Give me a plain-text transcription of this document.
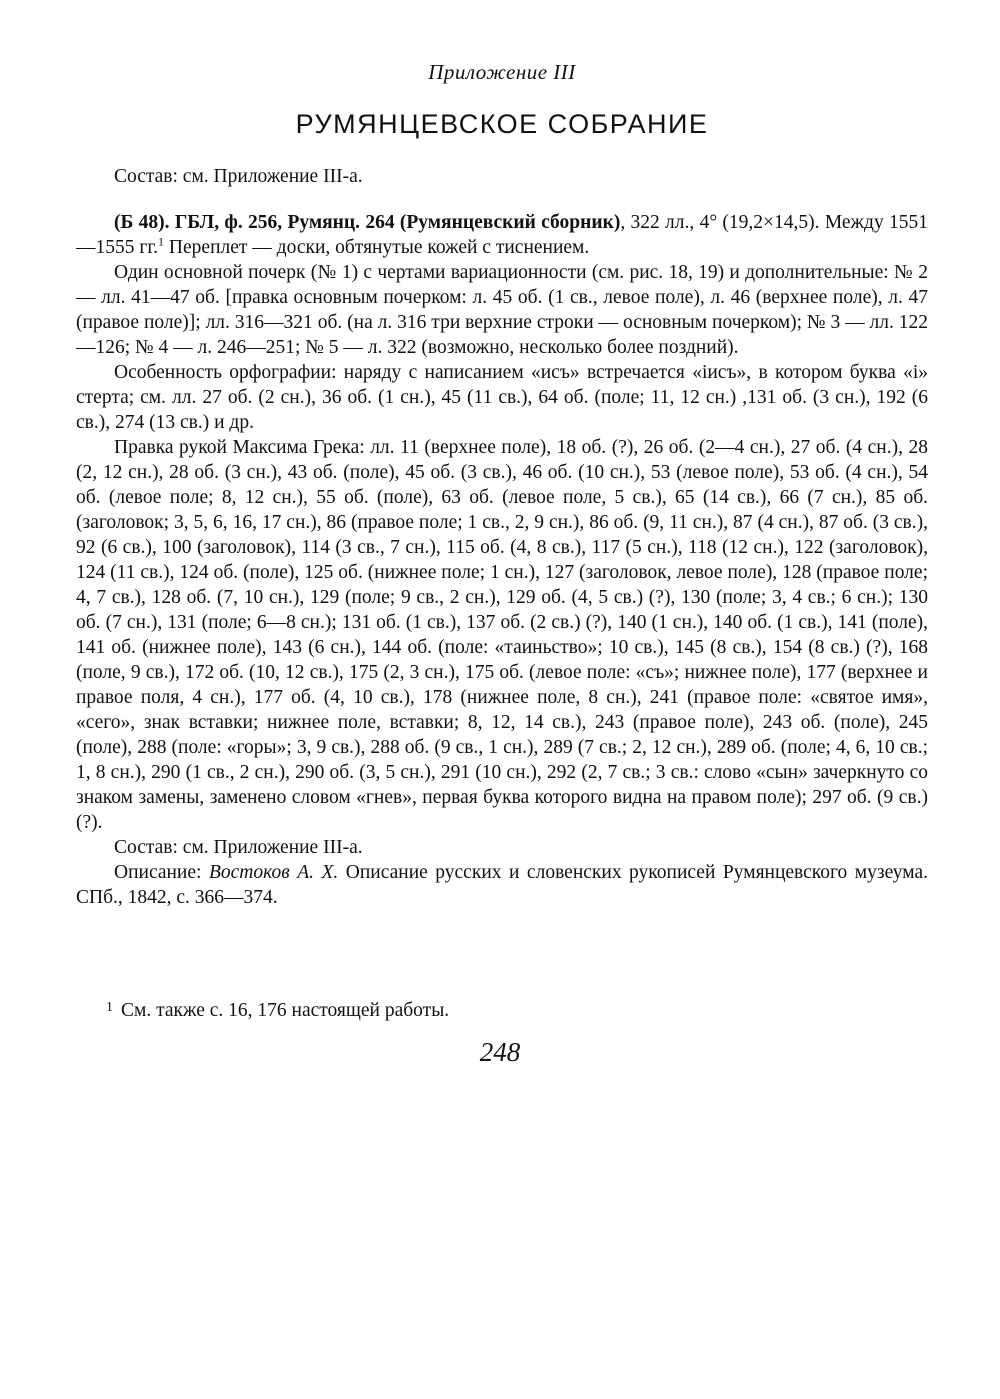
Приложение III
РУМЯНЦЕВСКОЕ СОБРАНИЕ
Состав: см. Приложение III-а.

(Б 48). ГБЛ, ф. 256, Румянц. 264 (Румянцевский сборник), 322 лл., 4° (19,2×14,5). Между 1551—1555 гг.$^1$ Переплет — доски, обтянутые кожей с тиснением.

Один основной почерк (№ 1) с чертами вариационности (см. рис. 18, 19) и дополнительные: № 2 — лл. 41—47 об. [правка основным почерком: л. 45 об. (1 св., левое поле), л. 46 (верхнее поле), л. 47 (правое поле)]; лл. 316—321 об. (на л. 316 три верхние строки — основным почерком); № 3 — лл. 122—126; № 4 — л. 246—251; № 5 — л. 322 (возможно, несколько более поздний).

Особенность орфографии: наряду с написанием «исъ» встречается «іисъ», в котором буква «і» стерта; см. лл. 27 об. (2 сн.), 36 об. (1 сн.), 45 (11 св.), 64 об. (поле; 11, 12 сн.) ,131 об. (3 сн.), 192 (6 св.), 274 (13 св.) и др.

Правка рукой Максима Грека: лл. 11 (верхнее поле), 18 об. (?), 26 об. (2—4 сн.), 27 об. (4 сн.), 28 (2, 12 сн.), 28 об. (3 сн.), 43 об. (поле), 45 об. (3 св.), 46 об. (10 сн.), 53 (левое поле), 53 об. (4 сн.), 54 об. (левое поле; 8, 12 сн.), 55 об. (поле), 63 об. (левое поле, 5 св.), 65 (14 св.), 66 (7 сн.), 85 об. (заголовок; 3, 5, 6, 16, 17 сн.), 86 (правое поле; 1 св., 2, 9 сн.), 86 об. (9, 11 сн.), 87 (4 сн.), 87 об. (3 св.), 92 (6 св.), 100 (заголовок), 114 (3 св., 7 сн.), 115 об. (4, 8 св.), 117 (5 сн.), 118 (12 сн.), 122 (заголовок), 124 (11 св.), 124 об. (поле), 125 об. (нижнее поле; 1 сн.), 127 (заголовок, левое поле), 128 (правое поле; 4, 7 св.), 128 об. (7, 10 сн.), 129 (поле; 9 св., 2 сн.), 129 об. (4, 5 св.) (?), 130 (поле; 3, 4 св.; 6 сн.); 130 об. (7 сн.), 131 (поле; 6—8 сн.); 131 об. (1 св.), 137 об. (2 св.) (?), 140 (1 сн.), 140 об. (1 св.), 141 (поле), 141 об. (нижнее поле), 143 (6 сн.), 144 об. (поле: «таиньство»; 10 св.), 145 (8 св.), 154 (8 св.) (?), 168 (поле, 9 св.), 172 об. (10, 12 св.), 175 (2, 3 сн.), 175 об. (левое поле: «съ»; нижнее поле), 177 (верхнее и правое поля, 4 сн.), 177 об. (4, 10 св.), 178 (нижнее поле, 8 сн.), 241 (правое поле: «святое имя», «сего», знак вставки; нижнее поле, вставки; 8, 12, 14 св.), 243 (правое поле), 243 об. (поле), 245 (поле), 288 (поле: «горы»; 3, 9 св.), 288 об. (9 св., 1 сн.), 289 (7 св.; 2, 12 сн.), 289 об. (поле; 4, 6, 10 св.; 1, 8 сн.), 290 (1 св., 2 сн.), 290 об. (3, 5 сн.), 291 (10 сн.), 292 (2, 7 св.; 3 св.: слово «сын» зачеркнуто со знаком замены, заменено словом «гнев», первая буква которого видна на правом поле); 297 об. (9 св.) (?).

Состав: см. Приложение III-а.

Описание: Востоков А. Х. Описание русских и словенских рукописей Румянцевского музеума. СПб., 1842, с. 366—374.

$^1$ См. также с. 16, 176 настоящей работы.
248
